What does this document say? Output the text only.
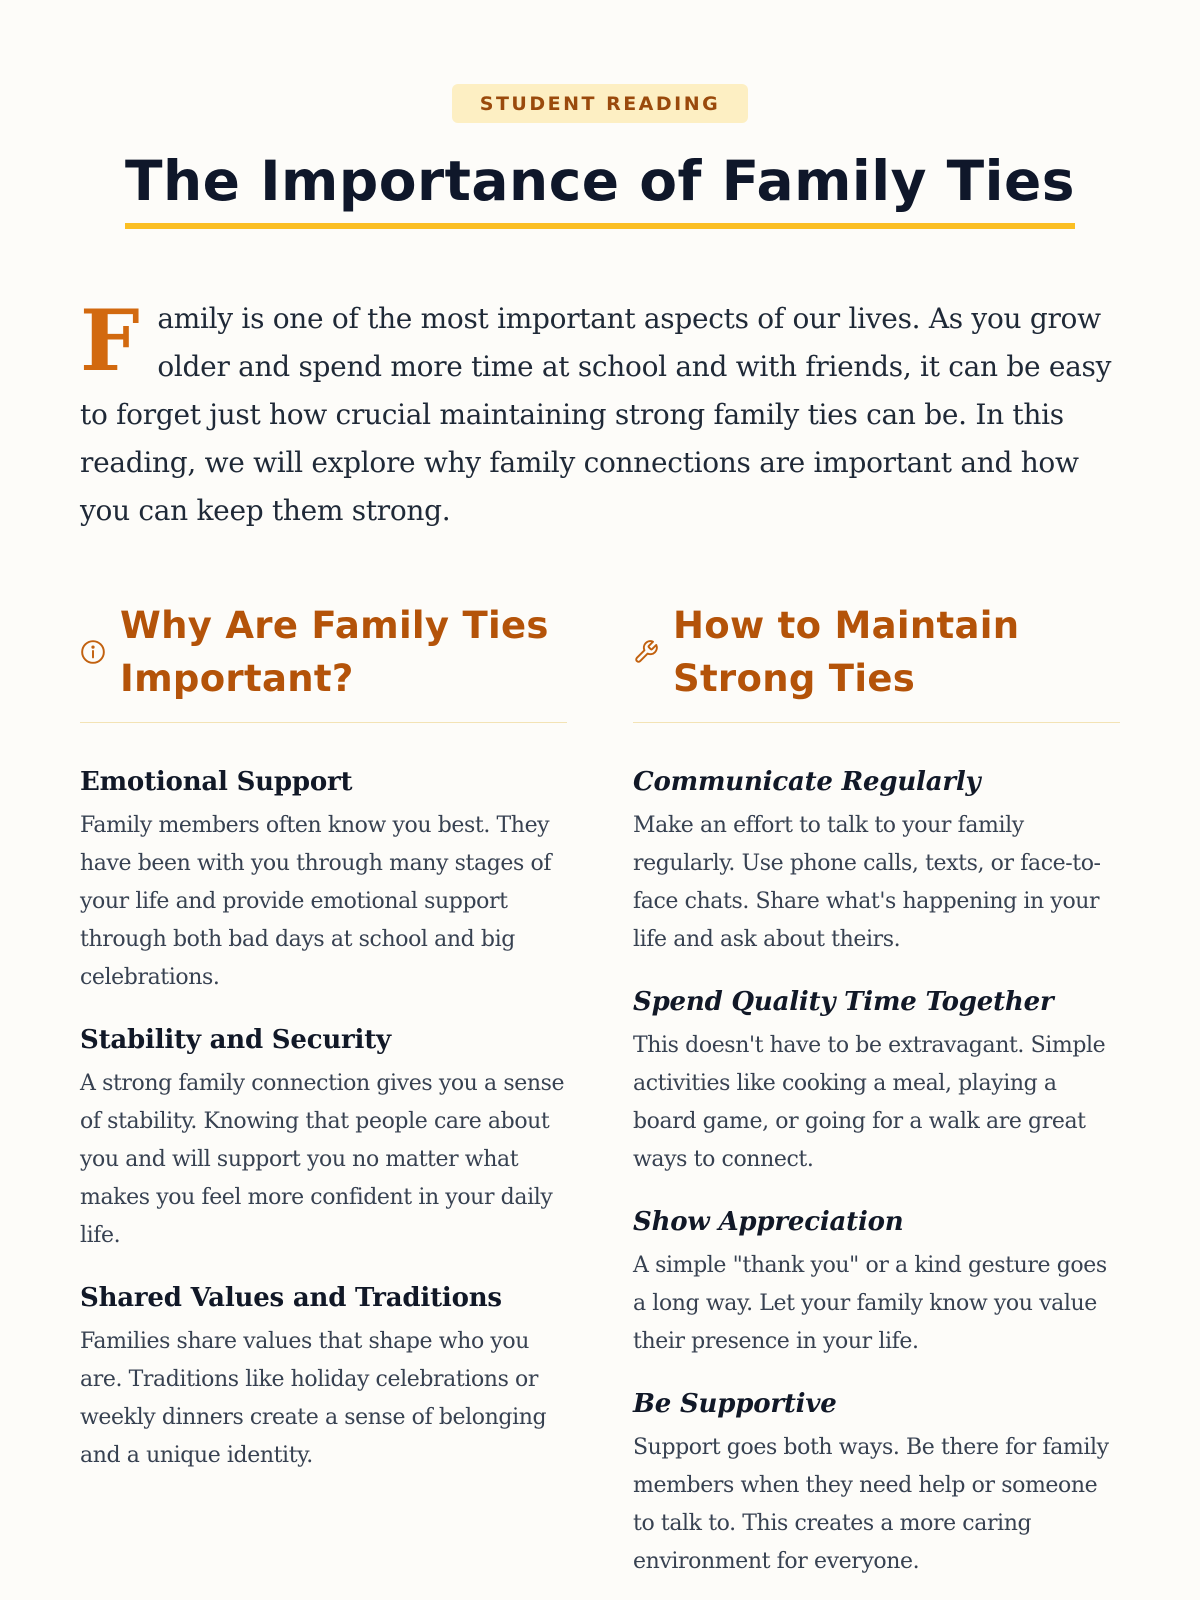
STUDENT READING
The Importance of Family Ties

Family is one of the most important aspects of our lives. As you grow older and spend more time at school and with friends, it can be easy to forget just how crucial maintaining strong family ties can be. In this reading, we will explore why family connections are important and how you can keep them strong.

Why Are Family Ties Important?
Emotional Support

Family members often know you best. They have been with you through many stages of your life and provide emotional support through both bad days at school and big celebrations.

Stability and Security

A strong family connection gives you a sense of stability. Knowing that people care about you and will support you no matter what makes you feel more confident in your daily life.

Shared Values and Traditions

Families share values that shape who you are. Traditions like holiday celebrations or weekly dinners create a sense of belonging and a unique identity.

How to Maintain Strong Ties
Communicate Regularly

Make an effort to talk to your family regularly. Use phone calls, texts, or face-to-face chats. Share what's happening in your life and ask about theirs.

Spend Quality Time Together

This doesn't have to be extravagant. Simple activities like cooking a meal, playing a board game, or going for a walk are great ways to connect.

Show Appreciation

A simple "thank you" or a kind gesture goes a long way. Let your family know you value their presence in your life.

Be Supportive

Support goes both ways. Be there for family members when they need help or someone to talk to. This creates a more caring environment for everyone.
